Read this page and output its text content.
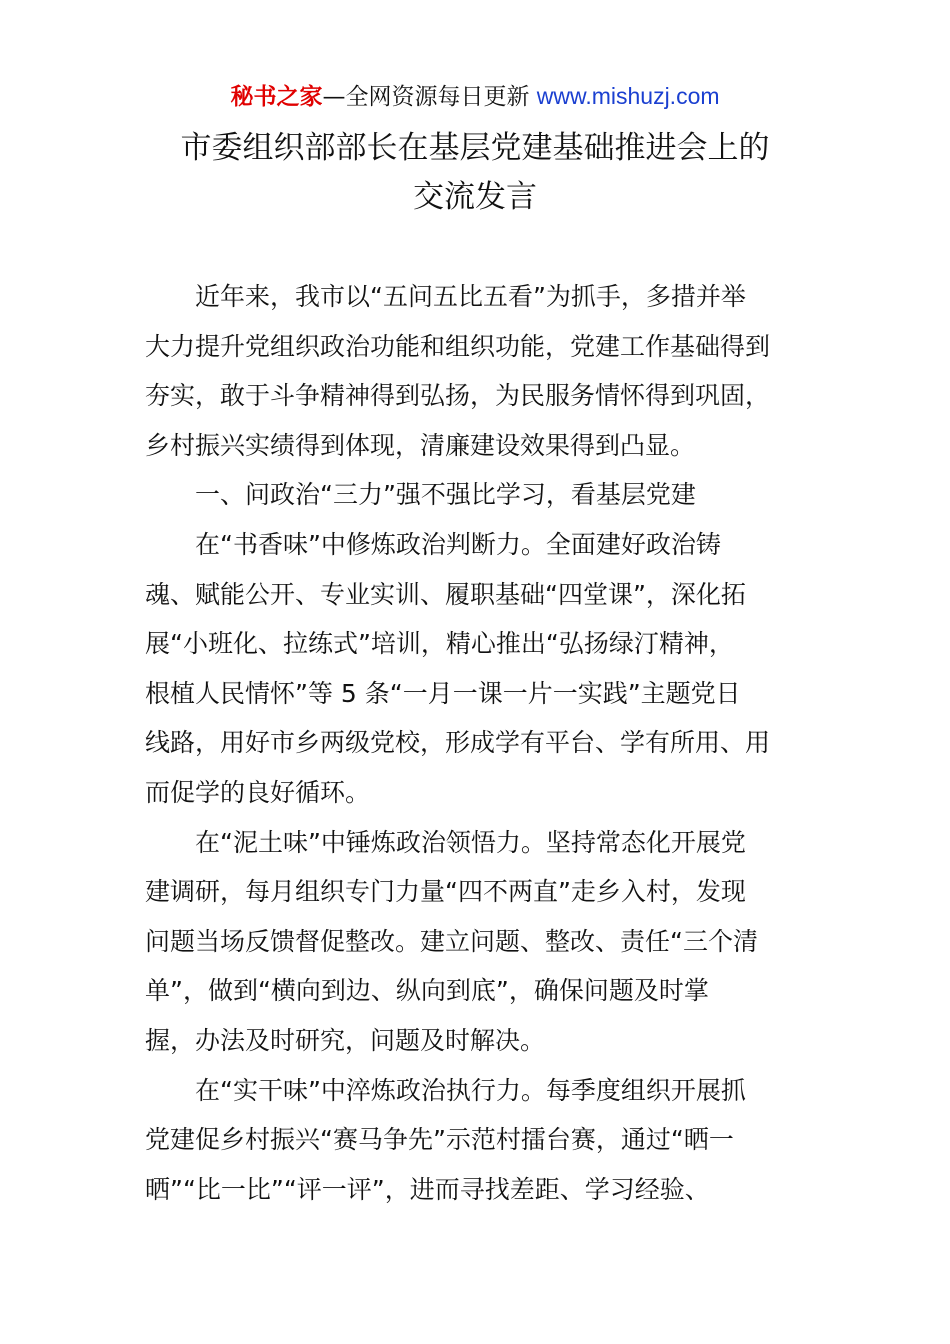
秘书之家—全网资源每日更新 www.mishuzj.com
市委组织部部长在基层党建基础推进会上的
交流发言
近年来，我市以“五问五比五看”为抓手，多措并举
大力提升党组织政治功能和组织功能，党建工作基础得到
夯实，敢于斗争精神得到弘扬，为民服务情怀得到巩固，
乡村振兴实绩得到体现，清廉建设效果得到凸显。
一、问政治“三力”强不强比学习，看基层党建
在“书香味”中修炼政治判断力。全面建好政治铸
魂、赋能公开、专业实训、履职基础“四堂课”，深化拓
展“小班化、拉练式”培训，精心推出“弘扬绿汀精神，
根植人民情怀”等 5 条“一月一课一片一实践”主题党日
线路，用好市乡两级党校，形成学有平台、学有所用、用
而促学的良好循环。
在“泥土味”中锤炼政治领悟力。坚持常态化开展党
建调研，每月组织专门力量“四不两直”走乡入村，发现
问题当场反馈督促整改。建立问题、整改、责任“三个清
单”，做到“横向到边、纵向到底”，确保问题及时掌
握，办法及时研究，问题及时解决。
在“实干味”中淬炼政治执行力。每季度组织开展抓
党建促乡村振兴“赛马争先”示范村擂台赛，通过“晒一
晒”“比一比”“评一评”，进而寻找差距、学习经验、
